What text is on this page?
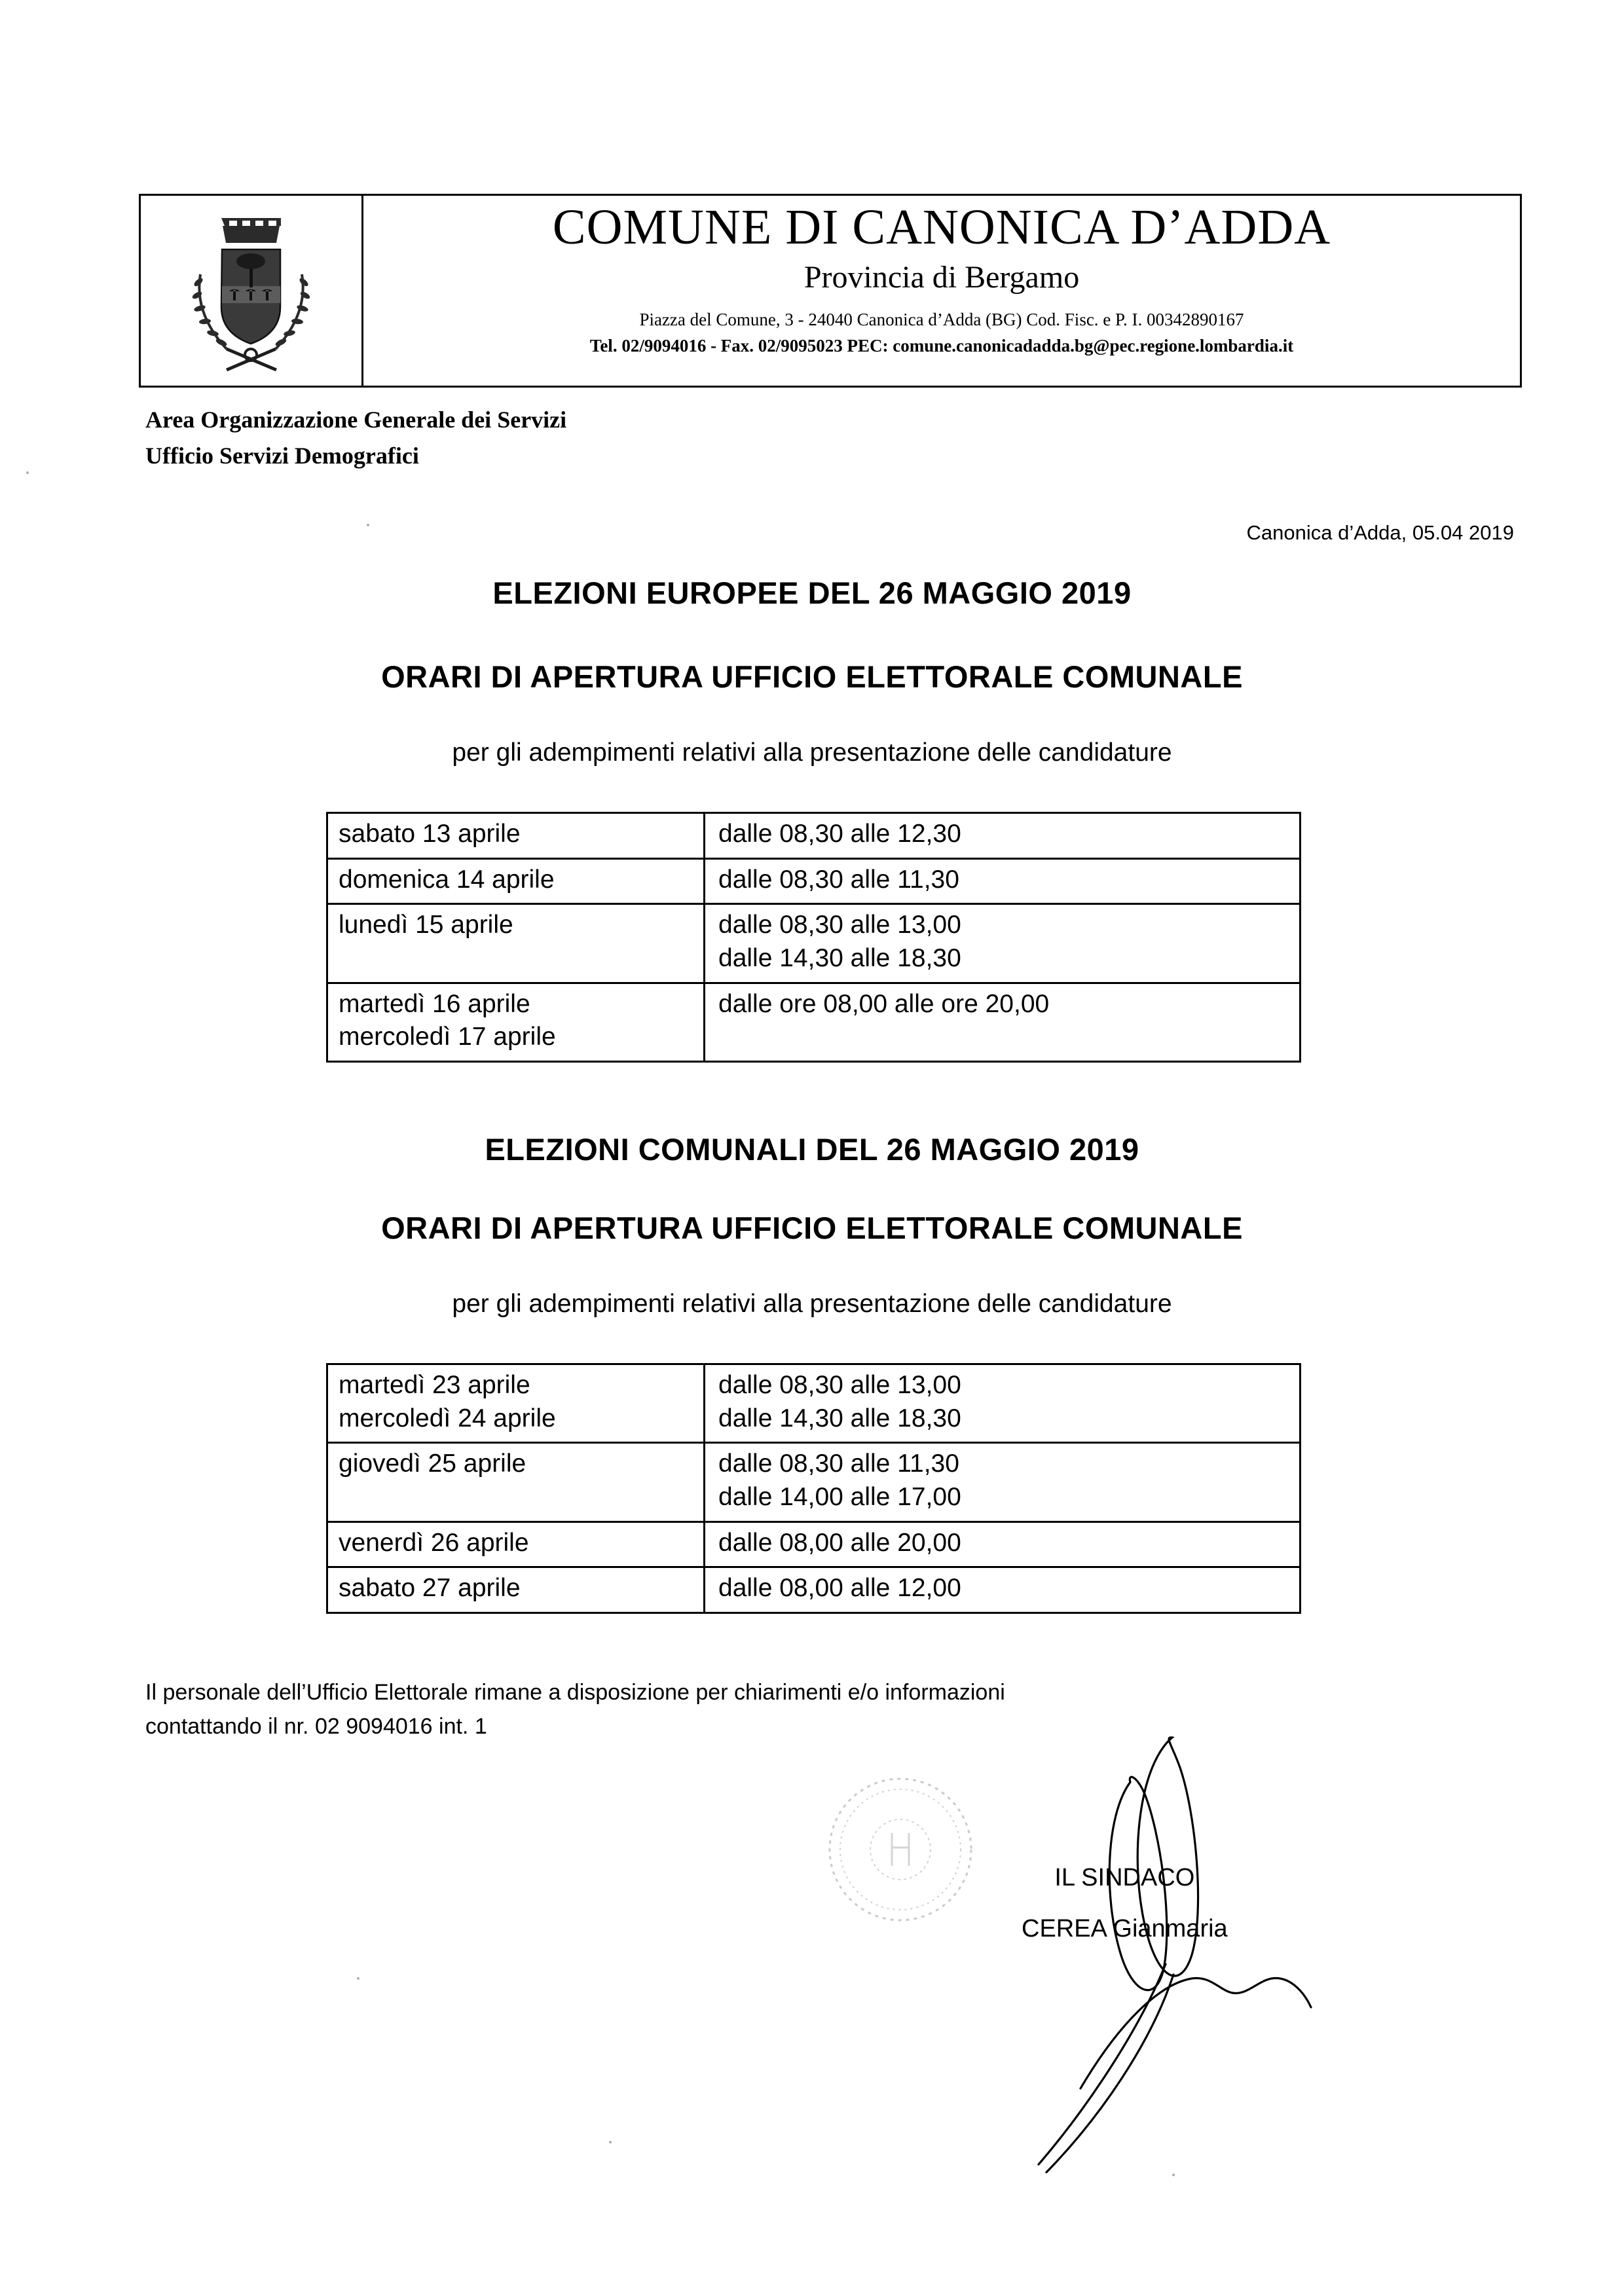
COMUNE DI CANONICA D’ADDA
Provincia di Bergamo
Piazza del Comune, 3 - 24040 Canonica d’Adda (BG) Cod. Fisc. e P. I. 00342890167
Tel. 02/9094016 - Fax. 02/9095023 PEC: comune.canonicadadda.bg@pec.regione.lombardia.it
Area Organizzazione Generale dei Servizi
Ufficio Servizi Demografici
Canonica d’Adda, 05.04 2019
ELEZIONI EUROPEE DEL 26 MAGGIO 2019
ORARI DI APERTURA UFFICIO ELETTORALE COMUNALE
per gli adempimenti relativi alla presentazione delle candidature
sabato 13 aprile	dalle 08,30 alle 12,30

domenica 14 aprile	dalle 08,30 alle 11,30

lunedì 15 aprile	dalle 08,30 alle 13,00
dalle 14,30 alle 18,30

martedì 16 aprile
mercoledì 17 aprile	dalle ore 08,00 alle ore 20,00
ELEZIONI COMUNALI DEL 26 MAGGIO 2019
ORARI DI APERTURA UFFICIO ELETTORALE COMUNALE
per gli adempimenti relativi alla presentazione delle candidature
martedì 23 aprile
mercoledì 24 aprile	dalle 08,30 alle 13,00
dalle 14,30 alle 18,30

giovedì 25 aprile	dalle 08,30 alle 11,30
dalle 14,00 alle 17,00

venerdì 26 aprile	dalle 08,00 alle 20,00

sabato 27 aprile	dalle 08,00 alle 12,00
Il personale dell’Ufficio Elettorale rimane a disposizione per chiarimenti e/o informazioni
contattando il nr. 02 9094016 int. 1
IL SINDACO
CEREA Gianmaria
